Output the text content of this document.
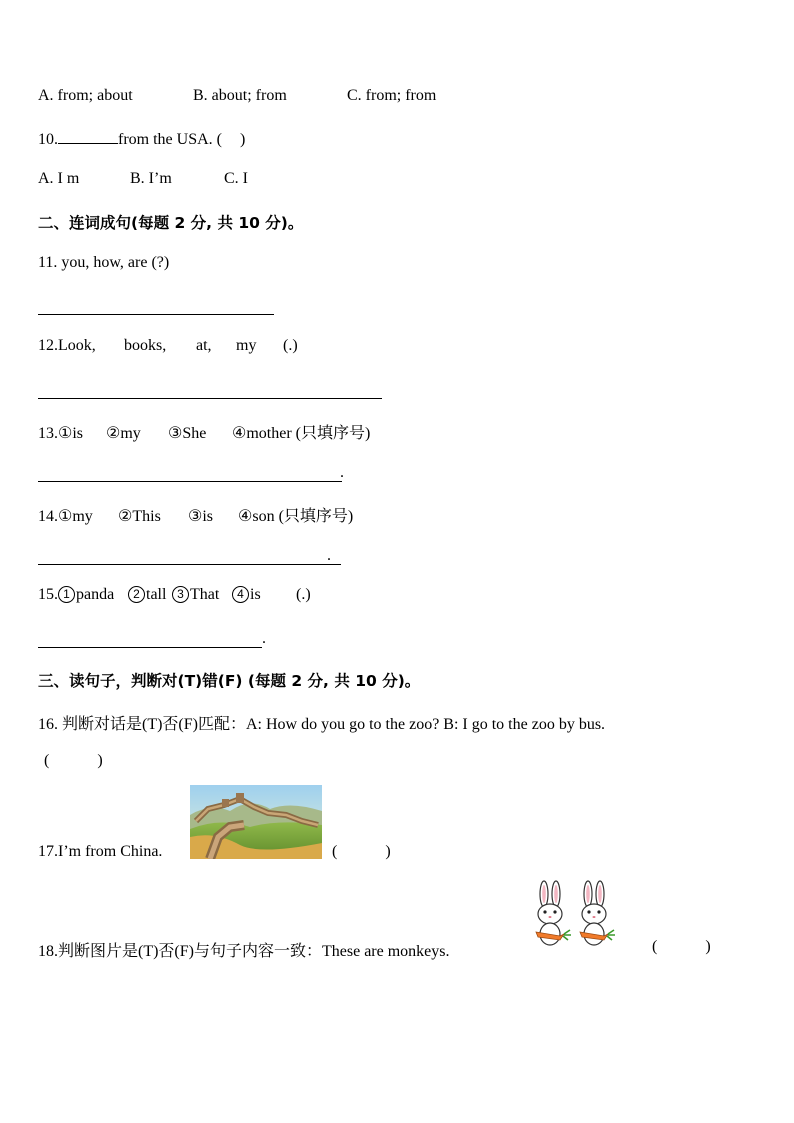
A. from; about	B. about; from	C. from; from
10.	from the USA. ( )
A. I m	B. I’m	C. I
二、连词成句(每题 2 分, 共 10 分)。
11. you, how, are (?)
12.Look, books, at, my (.)
13.①is ②my ③She ④mother (只填序号)
.
14.①my ②This ③is ④son (只填序号)
.
15. 1 panda 2 tall 3 That 4 is (.)
.
三、读句子，判断对(T)错(F) (每题 2 分, 共 10 分)。
16. 判断对话是(T)否(F)匹配：A: How do you go to the zoo? B: I go to the zoo by bus.
(            )
17.I’m from China.	(            )
18.判断图片是(T)否(F)与句子内容一致：These are monkeys.	(            )
